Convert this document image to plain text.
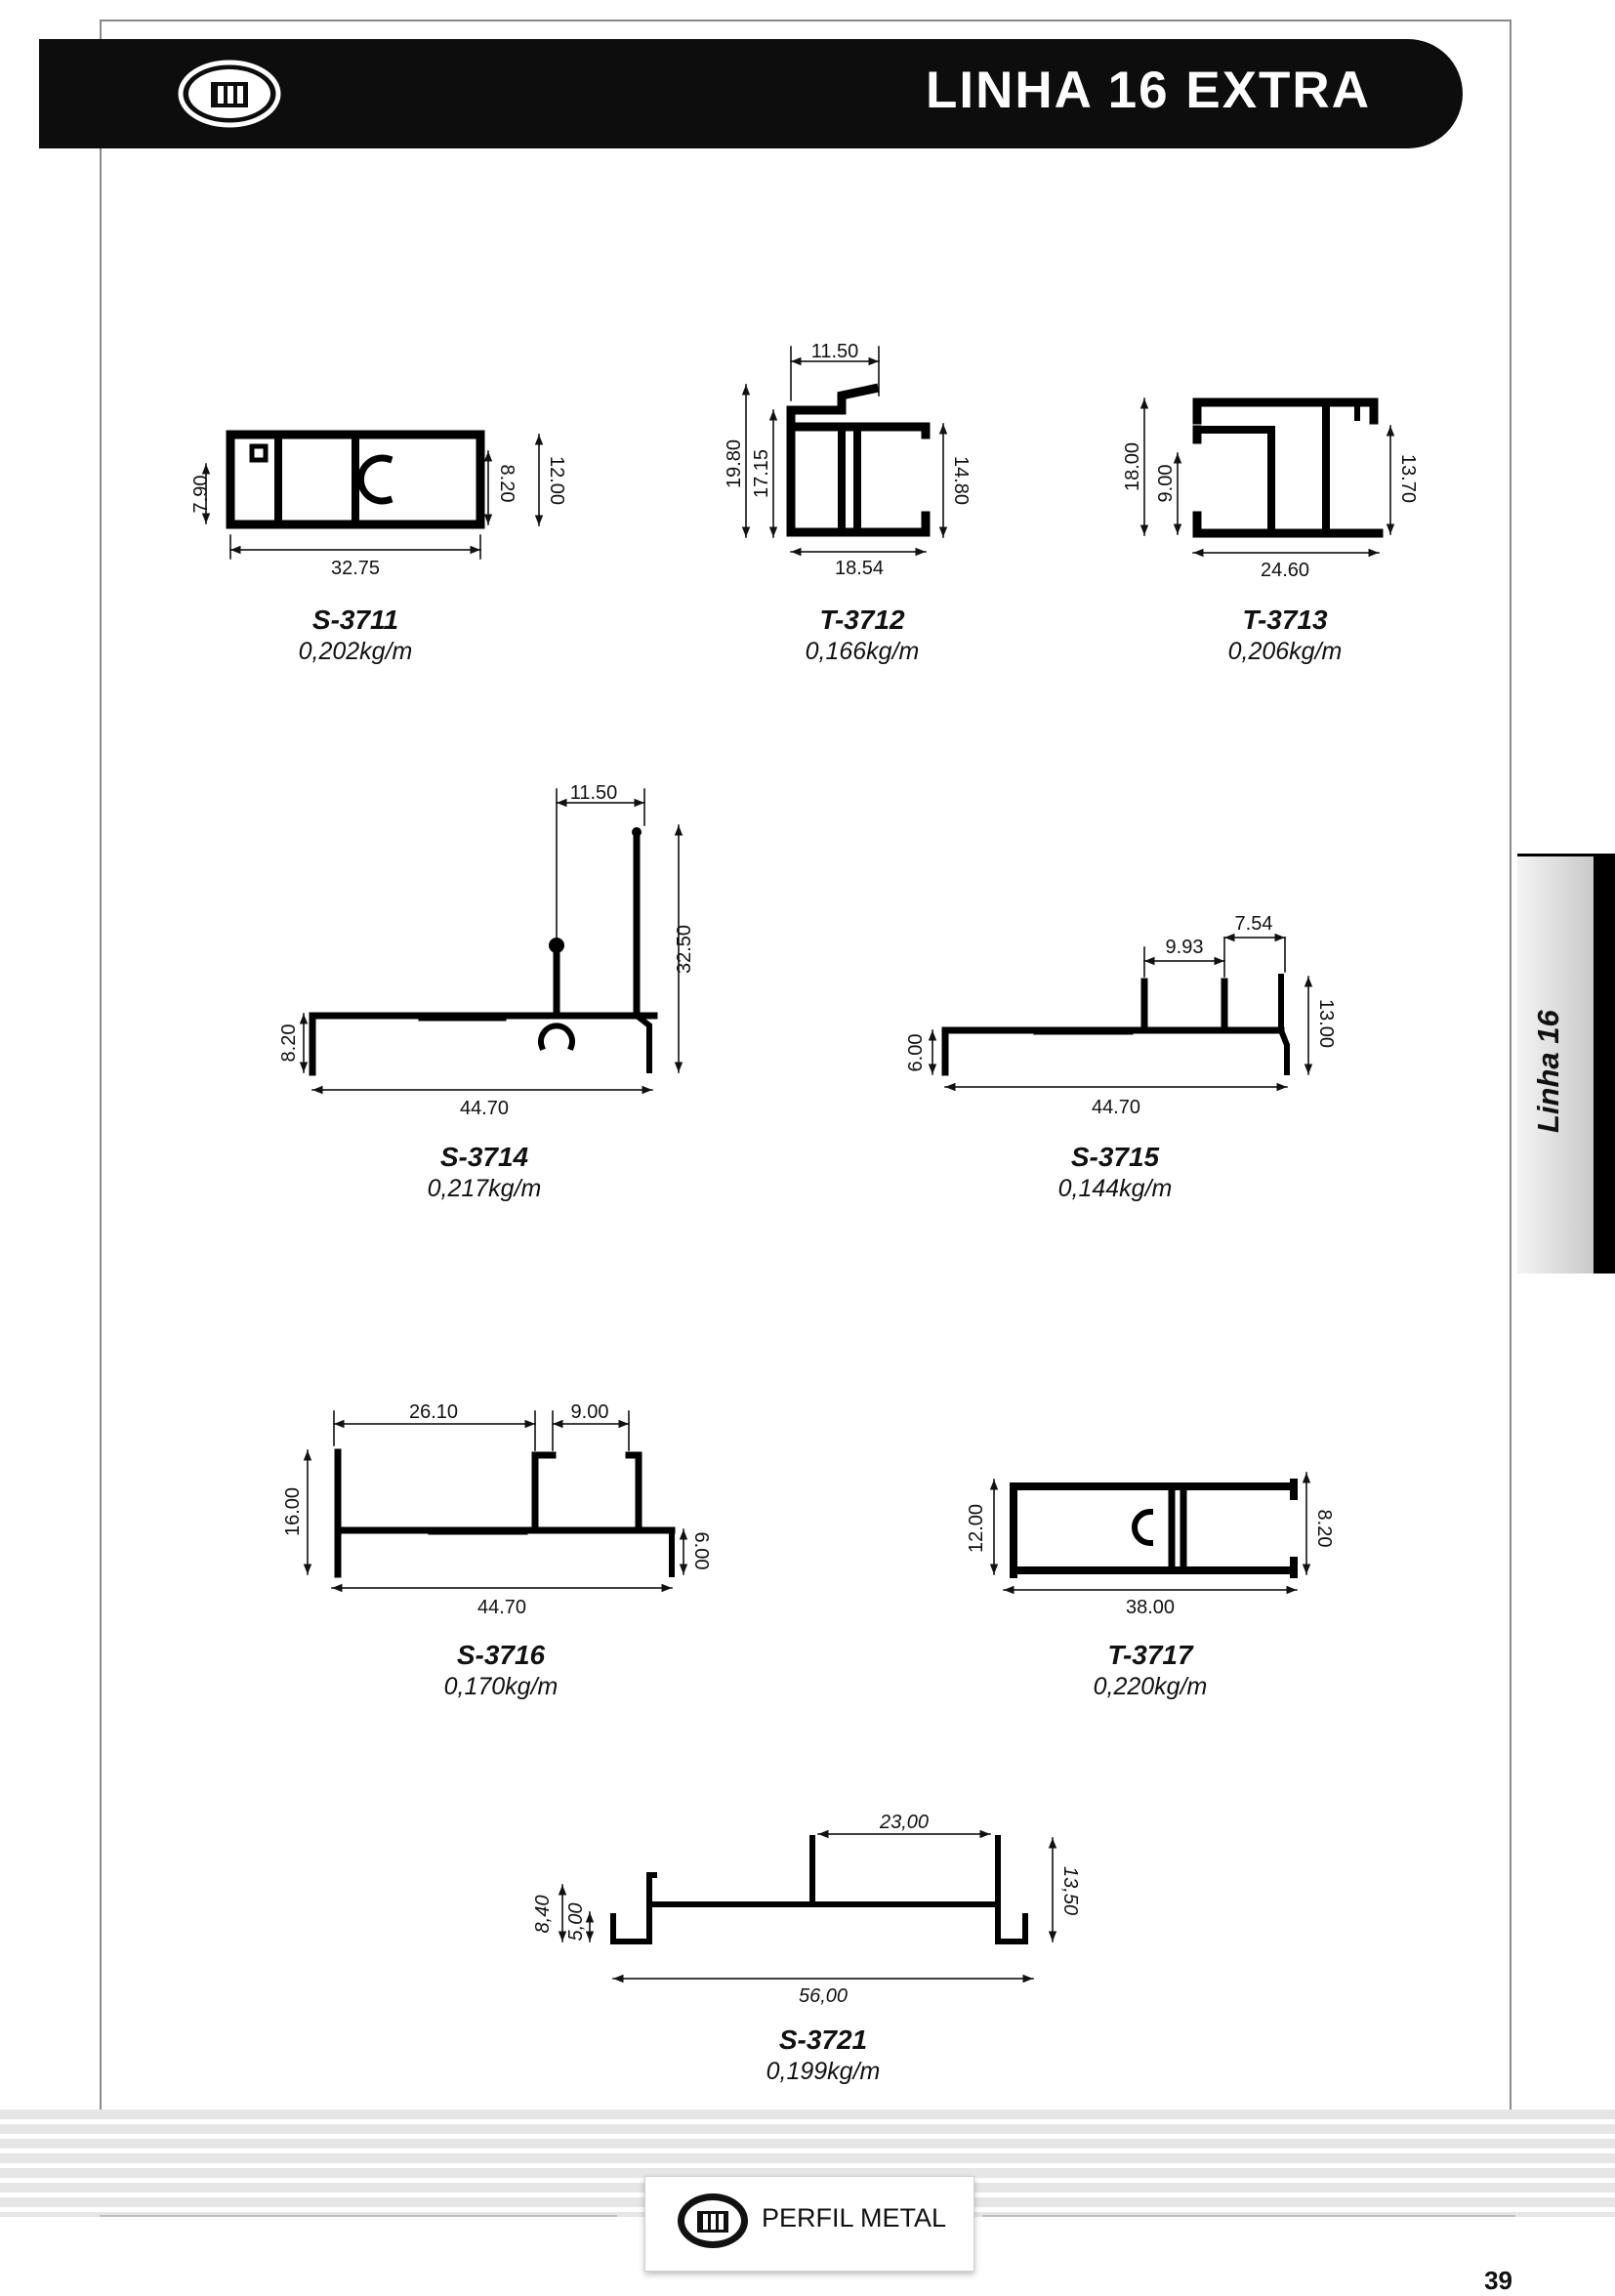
LINHA 16 EXTRA
Linha 16
32.75
7.90	8.20 12.00
11.50
19.80 17.15	14.80
18.54
18.00 9.00	13.70
24.60
11.50
32.50
8.20
44.70
9.93
7.54
13.00
6.00
44.70
26.10	9.00
16.00
6.00
44.70
12.00	8.20
38.00
23,00
8,40 5,00
13,50
56,00
S-3711
0,202kg/m
T-3712
0,166kg/m
T-3713
0,206kg/m
S-3714
0,217kg/m
S-3715
0,144kg/m
S-3716
0,170kg/m
T-3717
0,220kg/m
S-3721
0,199kg/m
PERFIL METAL
39
